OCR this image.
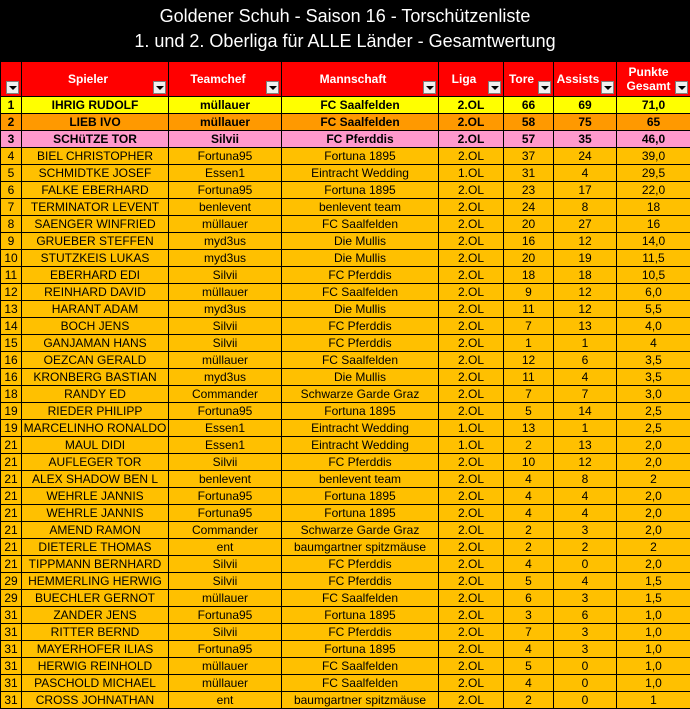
Goldener Schuh - Saison 16 - Torschützenliste
1. und 2. Oberliga für ALLE Länder - Gesamtwertung

	Spieler	Teamchef	Mannschaft	Liga	Tore	Assists	Punkte
Gesamt

1	IHRIG RUDOLF	müllauer	FC Saalfelden	2.OL	66	69	71,0
2	LIEB IVO	müllauer	FC Saalfelden	2.OL	58	75	65
3	SCHüTZE TOR	Silvii	FC Pferddis	2.OL	57	35	46,0
4	BIEL CHRISTOPHER	Fortuna95	Fortuna 1895	2.OL	37	24	39,0
5	SCHMIDTKE JOSEF	Essen1	Eintracht Wedding	1.OL	31	4	29,5
6	FALKE EBERHARD	Fortuna95	Fortuna 1895	2.OL	23	17	22,0
7	TERMINATOR LEVENT	benlevent	benlevent team	2.OL	24	8	18
8	SAENGER WINFRIED	müllauer	FC Saalfelden	2.OL	20	27	16
9	GRUEBER STEFFEN	myd3us	Die Mullis	2.OL	16	12	14,0
10	STUTZKEIS LUKAS	myd3us	Die Mullis	2.OL	20	19	11,5
11	EBERHARD EDI	Silvii	FC Pferddis	2.OL	18	18	10,5
12	REINHARD DAVID	müllauer	FC Saalfelden	2.OL	9	12	6,0
13	HARANT ADAM	myd3us	Die Mullis	2.OL	11	12	5,5
14	BOCH JENS	Silvii	FC Pferddis	2.OL	7	13	4,0
15	GANJAMAN HANS	Silvii	FC Pferddis	2.OL	1	1	4
16	OEZCAN GERALD	müllauer	FC Saalfelden	2.OL	12	6	3,5
16	KRONBERG BASTIAN	myd3us	Die Mullis	2.OL	11	4	3,5
18	RANDY ED	Commander	Schwarze Garde Graz	2.OL	7	7	3,0
19	RIEDER PHILIPP	Fortuna95	Fortuna 1895	2.OL	5	14	2,5
19	MARCELINHO RONALDO	Essen1	Eintracht Wedding	1.OL	13	1	2,5
21	MAUL DIDI	Essen1	Eintracht Wedding	1.OL	2	13	2,0
21	AUFLEGER TOR	Silvii	FC Pferddis	2.OL	10	12	2,0
21	ALEX SHADOW BEN L	benlevent	benlevent team	2.OL	4	8	2
21	WEHRLE JANNIS	Fortuna95	Fortuna 1895	2.OL	4	4	2,0
21	WEHRLE JANNIS	Fortuna95	Fortuna 1895	2.OL	4	4	2,0
21	AMEND RAMON	Commander	Schwarze Garde Graz	2.OL	2	3	2,0
21	DIETERLE THOMAS	ent	baumgartner spitzmäuse	2.OL	2	2	2
21	TIPPMANN BERNHARD	Silvii	FC Pferddis	2.OL	4	0	2,0
29	HEMMERLING HERWIG	Silvii	FC Pferddis	2.OL	5	4	1,5
29	BUECHLER GERNOT	müllauer	FC Saalfelden	2.OL	6	3	1,5
31	ZANDER JENS	Fortuna95	Fortuna 1895	2.OL	3	6	1,0
31	RITTER BERND	Silvii	FC Pferddis	2.OL	7	3	1,0
31	MAYERHOFER ILIAS	Fortuna95	Fortuna 1895	2.OL	4	3	1,0
31	HERWIG REINHOLD	müllauer	FC Saalfelden	2.OL	5	0	1,0
31	PASCHOLD MICHAEL	müllauer	FC Saalfelden	2.OL	4	0	1,0
31	CROSS JOHNATHAN	ent	baumgartner spitzmäuse	2.OL	2	0	1
